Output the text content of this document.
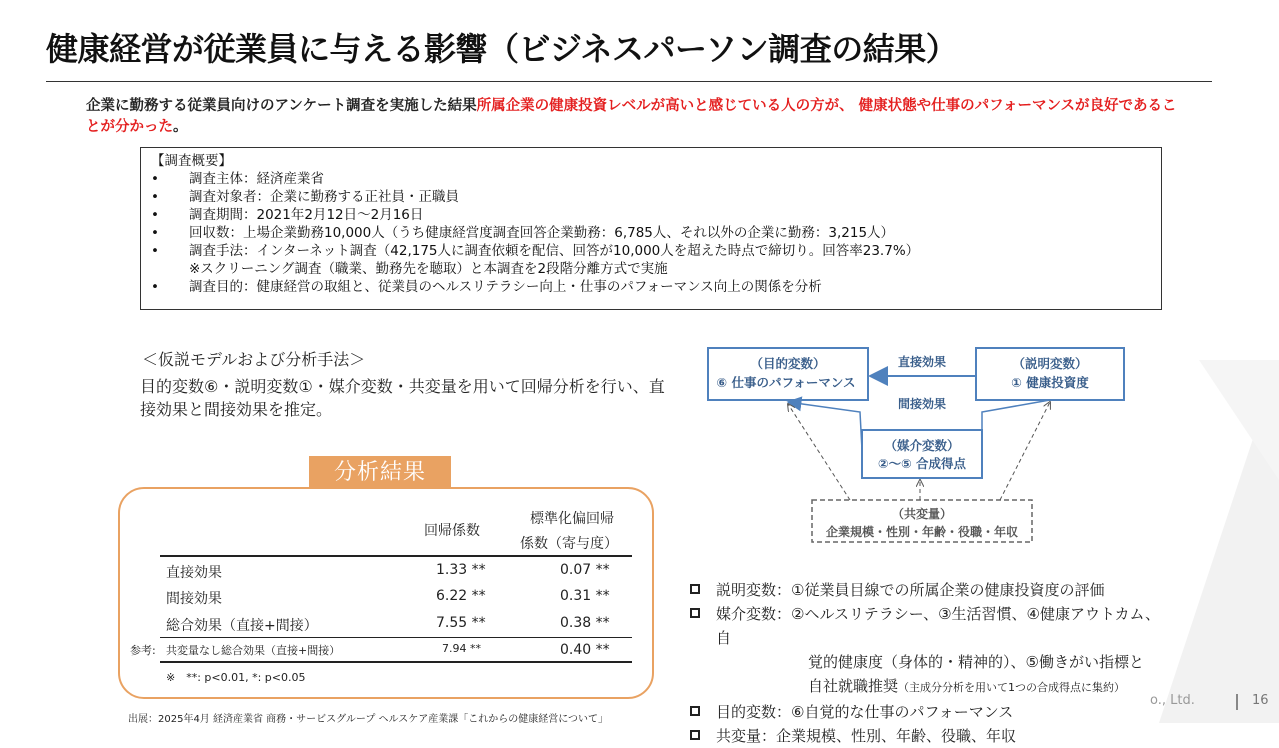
健康経営が従業員に与える影響（ビジネスパーソン調査の結果）
企業に勤務する従業員向けのアンケート調査を実施した結果所属企業の健康投資レベルが高いと感じている人の方が、 健康状態や仕事のパフォーマンスが良好であることが分かった。
【調査概要】
•	調査主体：経済産業省
•	調査対象者：企業に勤務する正社員・正職員
•	調査期間：2021年2月12日～2月16日
•	回収数：上場企業勤務10,000人（うち健康経営度調査回答企業勤務：6,785人、それ以外の企業に勤務：3,215人）
•	調査手法：インターネット調査（42,175人に調査依頼を配信、回答が10,000人を超えた時点で締切り。回答率23.7%）
※スクリーニング調査（職業、勤務先を聴取）と本調査を2段階分離方式で実施
•	調査目的：健康経営の取組と、従業員のヘルスリテラシー向上・仕事のパフォーマンス向上の関係を分析
＜仮説モデルおよび分析手法＞
目的変数⑥・説明変数①・媒介変数・共変量を用いて回帰分析を行い、直接効果と間接効果を推定。
分析結果
回帰係数
標準化偏回帰
係数（寄与度）
直接効果	1.33 **	0.07 **
間接効果	6.22 **	0.31 **
総合効果（直接+間接）	7.55 **	0.38 **
参考: 共変量なし総合効果（直接+間接）	7.94 **	0.40 **
※　**: p<0.01, *: p<0.05
（目的変数）
⑥ 仕事のパフォーマンス
（説明変数）
① 健康投資度
（媒介変数）
②～⑤ 合成得点
（共変量）
企業規模・性別・年齢・役職・年収
直接効果
間接効果
説明変数：①従業員目線での所属企業の健康投資度の評価
媒介変数：②ヘルスリテラシー、③生活習慣、④健康アウトカム、自
覚的健康度（身体的・精神的）、⑤働きがい指標と
自社就職推奨（主成分分析を用いて1つの合成得点に集約）
目的変数：⑥自覚的な仕事のパフォーマンス
共変量：企業規模、性別、年齢、役職、年収
出展：2025年4月 経済産業省 商務・サービスグループ ヘルスケア産業課「これからの健康経営について」
o., Ltd.	16
